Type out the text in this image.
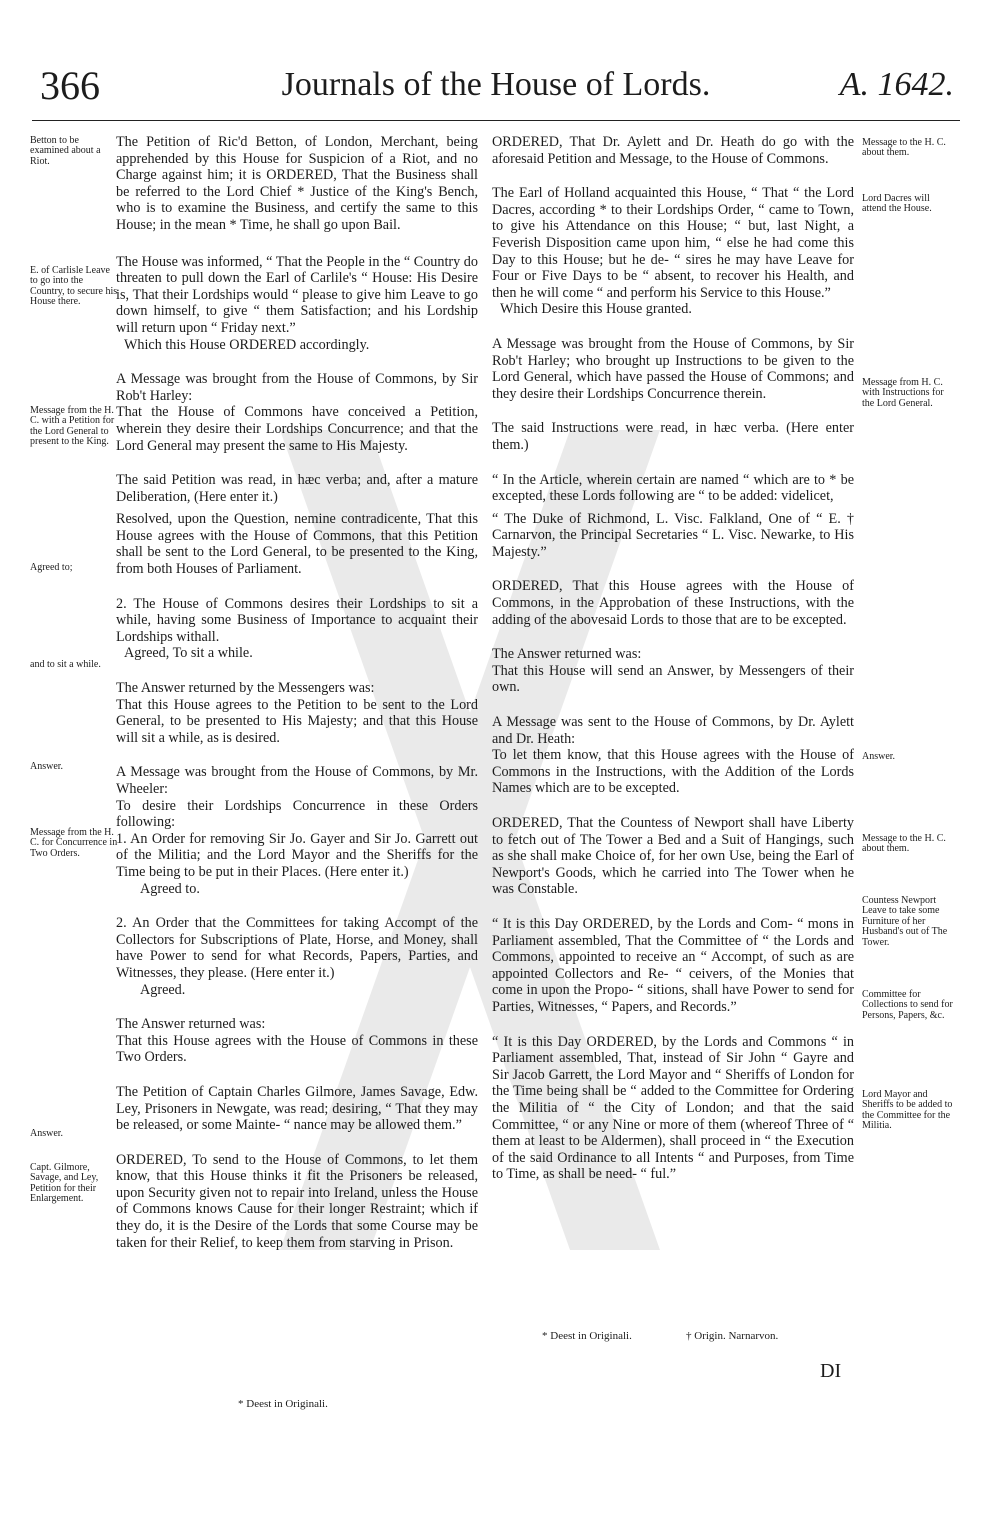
366	Journals of the House of Lords.	A. 1642.
Betton to be examined about a Riot.
E. of Carlisle Leave to go into the Country, to secure his House there.
Message from the H. C. with a Petition for the Lord General to present to the King.
Agreed to;
and to sit a while.
Answer.
Message from the H. C. for Concurrence in Two Orders.
Answer.
Capt. Gilmore, Savage, and Ley, Petition for their Enlargement.

The Petition of Ric'd Betton, of London, Merchant, being apprehended by this House for Suspicion of a Riot, and no Charge against him; it is ORDERED, That the Business shall be referred to the Lord Chief * Justice of the King's Bench, who is to examine the Business, and certify the same to this House; in the mean * Time, he shall go upon Bail.

The House was informed, “ That the People in the “ Country do threaten to pull down the Earl of Carlile's “ House: His Desire is, That their Lordships would “ please to give him Leave to go down himself, to give “ them Satisfaction; and his Lordship will return upon “ Friday next.”

Which this House ORDERED accordingly.

A Message was brought from the House of Commons, by Sir Rob't Harley:

That the House of Commons have conceived a Petition, wherein they desire their Lordships Concurrence; and that the Lord General may present the same to His Majesty.

The said Petition was read, in hæc verba; and, after a mature Deliberation, (Here enter it.)

Resolved, upon the Question, nemine contradicente, That this House agrees with the House of Commons, that this Petition shall be sent to the Lord General, to be presented to the King, from both Houses of Parliament.

2. The House of Commons desires their Lordships to sit a while, having some Business of Importance to acquaint their Lordships withall.

Agreed, To sit a while.

The Answer returned by the Messengers was:

That this House agrees to the Petition to be sent to the Lord General, to be presented to His Majesty; and that this House will sit a while, as is desired.

A Message was brought from the House of Commons, by Mr. Wheeler:

To desire their Lordships Concurrence in these Orders following:

1. An Order for removing Sir Jo. Gayer and Sir Jo. Garrett out of the Militia; and the Lord Mayor and the Sheriffs for the Time being to be put in their Places. (Here enter it.)

Agreed to.

2. An Order that the Committees for taking Accompt of the Collectors for Subscriptions of Plate, Horse, and Money, shall have Power to send for what Records, Papers, Parties, and Witnesses, they please. (Here enter it.)

Agreed.

The Answer returned was:

That this House agrees with the House of Commons in these Two Orders.

The Petition of Captain Charles Gilmore, James Savage, Edw. Ley, Prisoners in Newgate, was read; desiring, “ That they may be released, or some Mainte- “ nance may be allowed them.”

ORDERED, To send to the House of Commons, to let them know, that this House thinks it fit the Prisoners be released, upon Security given not to repair into Ireland, unless the House of Commons knows Cause for their longer Restraint; which if they do, it is the Desire of the Lords that some Course may be taken for their Relief, to keep them from starving in Prison.

ORDERED, That Dr. Aylett and Dr. Heath do go with the aforesaid Petition and Message, to the House of Commons.

The Earl of Holland acquainted this House, “ That “ the Lord Dacres, according * to their Lordships Order, “ came to Town, to give his Attendance on this House; “ but, last Night, a Feverish Disposition came upon him, “ else he had come this Day to this House; but he de- “ sires he may have Leave for Four or Five Days to be “ absent, to recover his Health, and then he will come “ and perform his Service to this House.”

Which Desire this House granted.

A Message was brought from the House of Commons, by Sir Rob't Harley; who brought up Instructions to be given to the Lord General, which have passed the House of Commons; and they desire their Lordships Concurrence therein.

The said Instructions were read, in hæc verba. (Here enter them.)

“ In the Article, wherein certain are named “ which are to * be excepted, these Lords following are “ to be added: videlicet,

“ The Duke of Richmond, L. Visc. Falkland, One of “ E. † Carnarvon, the Principal Secretaries “ L. Visc. Newarke, to His Majesty.”

ORDERED, That this House agrees with the House of Commons, in the Approbation of these Instructions, with the adding of the abovesaid Lords to those that are to be excepted.

The Answer returned was:

That this House will send an Answer, by Messengers of their own.

A Message was sent to the House of Commons, by Dr. Aylett and Dr. Heath:

To let them know, that this House agrees with the House of Commons in the Instructions, with the Addition of the Lords Names which are to be excepted.

ORDERED, That the Countess of Newport shall have Liberty to fetch out of The Tower a Bed and a Suit of Hangings, such as she shall make Choice of, for her own Use, being the Earl of Newport's Goods, which he carried into The Tower when he was Constable.

“ It is this Day ORDERED, by the Lords and Com- “ mons in Parliament assembled, That the Committee of “ the Lords and Commons, appointed to receive an “ Accompt, of such as are appointed Collectors and Re- “ ceivers, of the Monies that come in upon the Propo- “ sitions, shall have Power to send for Parties, Witnesses, “ Papers, and Records.”

“ It is this Day ORDERED, by the Lords and Commons “ in Parliament assembled, That, instead of Sir John “ Gayre and Sir Jacob Garrett, the Lord Mayor and “ Sheriffs of London for the Time being shall be “ added to the Committee for Ordering the Militia of “ the City of London; and that the said Committee, “ or any Nine or more of them (whereof Three of “ them at least to be Aldermen), shall proceed in “ the Execution of the said Ordinance to all Intents “ and Purposes, from Time to Time, as shall be need- “ ful.”

Message to the H. C. about them.
Lord Dacres will attend the House.
Message from H. C. with Instructions for the Lord General.
Answer.
Message to the H. C. about them.
Countess Newport Leave to take some Furniture of her Husband's out of The Tower.
Committee for Collections to send for Persons, Papers, &c.
Lord Mayor and Sheriffs to be added to the Committee for the Militia.
* Deest in Originali.
* Deest in Originali.	† Origin. Narnarvon.
DI
